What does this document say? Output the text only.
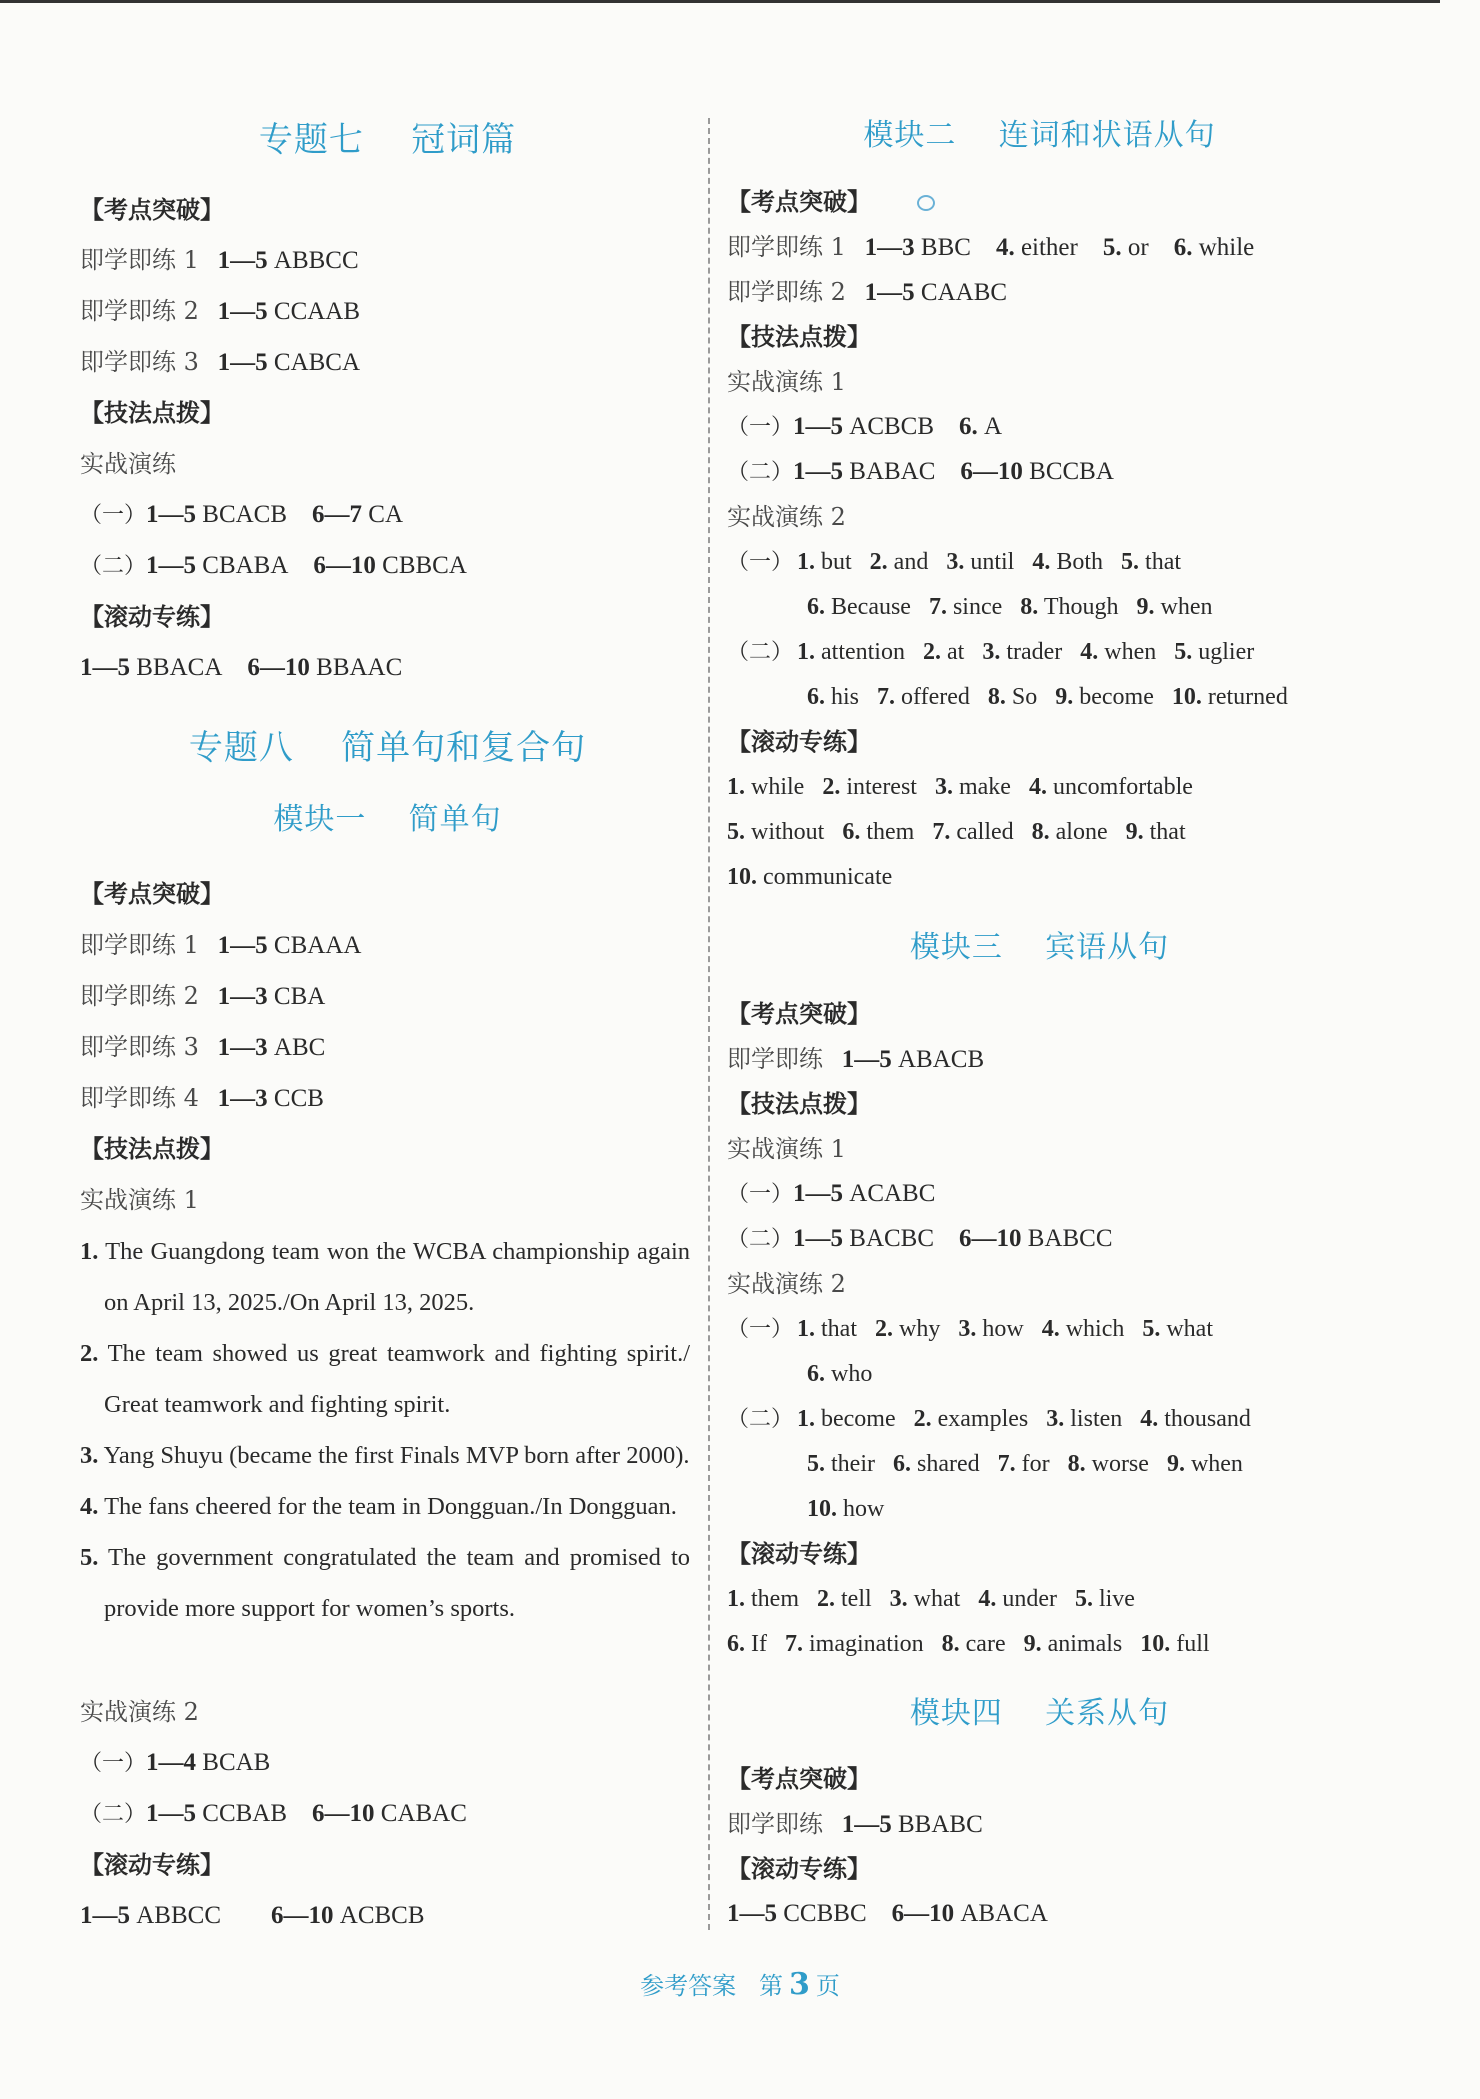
专题七    冠词篇
【考点突破】
即学即练 1 1—5 ABBCC
即学即练 2 1—5 CCAAB
即学即练 3 1—5 CABCA
【技法点拨】
实战演练
（一）1—5 BCACB 6—7 CA
（二）1—5 CBABA 6—10 CBBCA
【滚动专练】
1—5 BBACA 6—10 BBAAC
专题八    简单句和复合句
模块一    简单句
【考点突破】
即学即练 1 1—5 CBAAA
即学即练 2 1—3 CBA
即学即练 3 1—3 ABC
即学即练 4 1—3 CCB
【技法点拨】
实战演练 1
1. The Guangdong team won the WCBA championship again on April 13, 2025./On April 13, 2025.
2. The team showed us great teamwork and fighting spirit./ Great teamwork and fighting spirit.
3. Yang Shuyu (became the first Finals MVP born after 2000).
4. The fans cheered for the team in Dongguan./In Dongguan.
5. The government congratulated the team and promised to provide more support for women’s sports.
实战演练 2
（一）1—4 BCAB
（二）1—5 CCBAB 6—10 CABAC
【滚动专练】
1—5 ABBCC 6—10 ACBCB
模块二    连词和状语从句
【考点突破】
即学即练 1 1—3 BBC 4. either 5. or 6. while
即学即练 2 1—5 CAABC
【技法点拨】
实战演练 1
（一）1—5 ACBCB 6. A
（二）1—5 BABAC 6—10 BCCBA
实战演练 2
（一） 1. but 2. and 3. until 4. Both 5. that
6. Because 7. since 8. Though 9. when
（二） 1. attention 2. at 3. trader 4. when 5. uglier
6. his 7. offered 8. So 9. become 10. returned
【滚动专练】
1. while 2. interest 3. make 4. uncomfortable
5. without 6. them 7. called 8. alone 9. that
10. communicate
模块三    宾语从句
【考点突破】
即学即练 1—5 ABACB
【技法点拨】
实战演练 1
（一）1—5 ACABC
（二）1—5 BACBC 6—10 BABCC
实战演练 2
（一） 1. that 2. why 3. how 4. which 5. what
6. who
（二） 1. become 2. examples 3. listen 4. thousand
5. their 6. shared 7. for 8. worse 9. when
10. how
【滚动专练】
1. them 2. tell 3. what 4. under 5. live
6. If 7. imagination 8. care 9. animals 10. full
模块四    关系从句
【考点突破】
即学即练 1—5 BBABC
【滚动专练】
1—5 CCBBC 6—10 ABACA
参考答案 第 3 页
